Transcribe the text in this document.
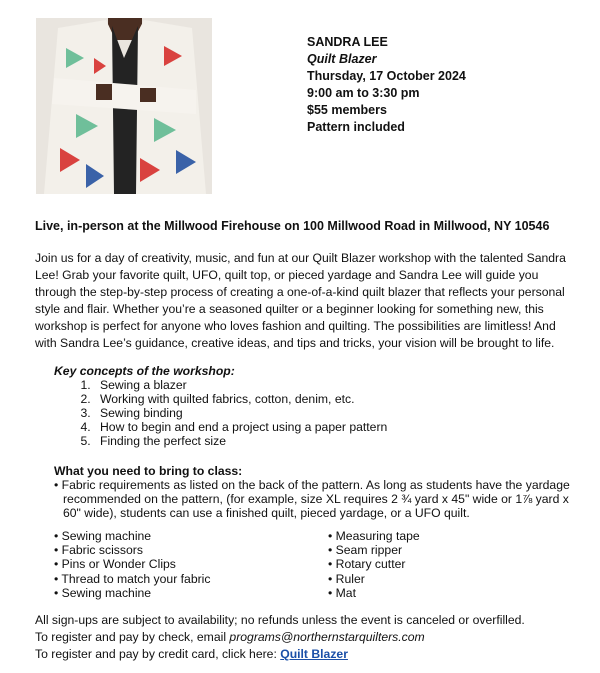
SANDRA LEE
Quilt Blazer
Thursday, 17 October 2024
9:00 am to 3:30 pm
$55 members
Pattern included
Live, in-person at the Millwood Firehouse on 100 Millwood Road in Millwood, NY 10546

Join us for a day of creativity, music, and fun at our Quilt Blazer workshop with the talented Sandra Lee! Grab your favorite quilt, UFO, quilt top, or pieced yardage and Sandra Lee will guide you through the step-by-step process of creating a one-of-a-kind quilt blazer that reflects your personal style and flair. Whether you’re a seasoned quilter or a beginner looking for something new, this workshop is perfect for anyone who loves fashion and quilting. The possibilities are limitless! And with Sandra Lee’s guidance, creative ideas, and tips and tricks, your vision will be brought to life.

Key concepts of the workshop:
1. Sewing a blazer
2. Working with quilted fabrics, cotton, denim, etc.
3. Sewing binding
4. How to begin and end a project using a paper pattern
5. Finding the perfect size
What you need to bring to class:

• Fabric requirements as listed on the back of the pattern. As long as students have the yardage recommended on the pattern, (for example, size XL requires 2 ¾ yard x 45" wide or 1⅞ yard x 60" wide), students can use a finished quilt, pieced yardage, or a UFO quilt.

• Sewing machine
• Fabric scissors
• Pins or Wonder Clips
• Thread to match your fabric
• Sewing machine
• Measuring tape
• Seam ripper
• Rotary cutter
• Ruler
• Mat
All sign-ups are subject to availability; no refunds unless the event is canceled or overfilled.
To register and pay by check, email programs@northernstarquilters.com
To register and pay by credit card, click here: Quilt Blazer
